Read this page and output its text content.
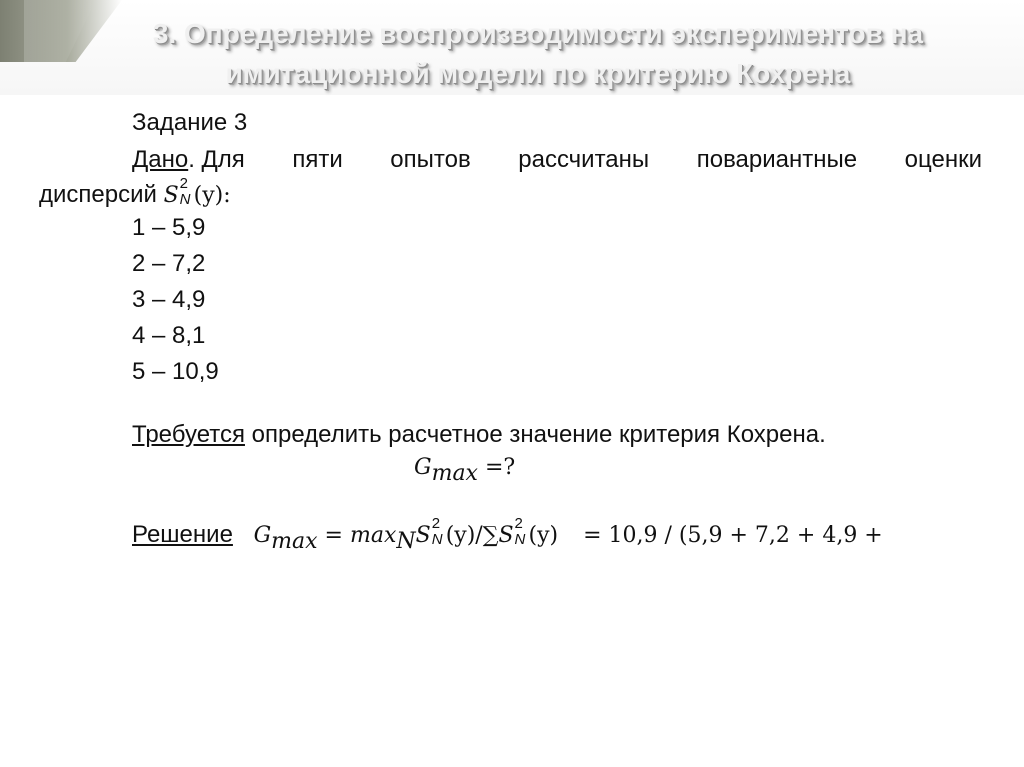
3. Определение воспроизводимости экспериментов на
имитационной модели по критерию Кохрена
Задание 3
Дано. Для пяти опытов рассчитаны повариантные оценки
дисперсий S 2
N (y):
1 – 5,9
2 – 7,2
3 – 4,9
4 – 8,1
5 – 10,9
Требуется определить расчетное значение критерия Кохрена.
$G_{max}$ =?
Решение $G_{max} = \max_NS$ 2
N (y)/∑S 2
N (y) = 10,9 / (5,9 + 7,2 + 4,9 +
